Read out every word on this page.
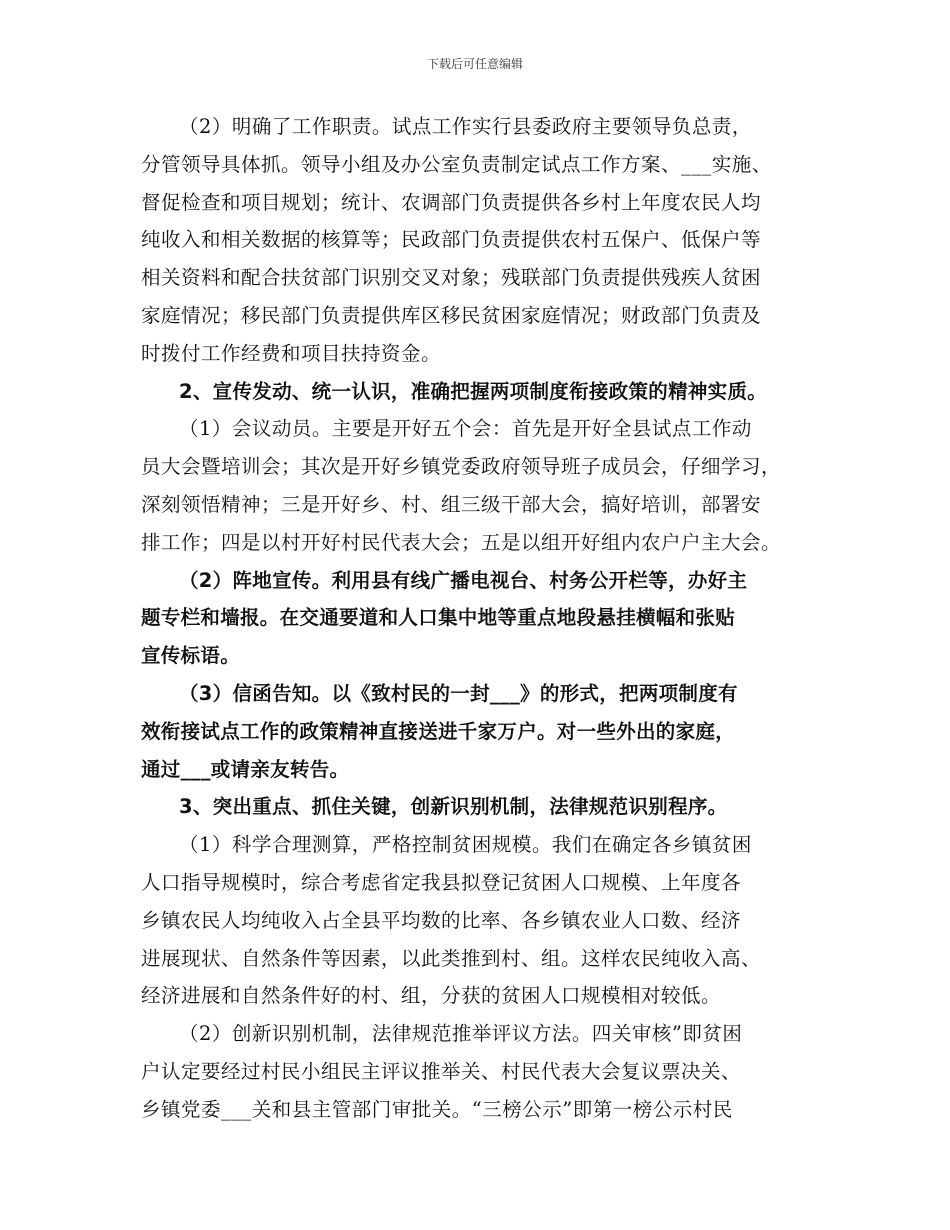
下载后可任意编辑

（2）明确了工作职责。试点工作实行县委政府主要领导负总责，
分管领导具体抓。领导小组及办公室负责制定试点工作方案、___实施、
督促检查和项目规划；统计、农调部门负责提供各乡村上年度农民人均
纯收入和相关数据的核算等；民政部门负责提供农村五保户、低保户等
相关资料和配合扶贫部门识别交叉对象；残联部门负责提供残疾人贫困
家庭情况；移民部门负责提供库区移民贫困家庭情况；财政部门负责及
时拨付工作经费和项目扶持资金。

2、宣传发动、统一认识，准确把握两项制度衔接政策的精神实质。

（1）会议动员。主要是开好五个会：首先是开好全县试点工作动
员大会暨培训会；其次是开好乡镇党委政府领导班子成员会，仔细学习，
深刻领悟精神；三是开好乡、村、组三级干部大会，搞好培训，部署安
排工作；四是以村开好村民代表大会；五是以组开好组内农户户主大会。

（2）阵地宣传。利用县有线广播电视台、村务公开栏等，办好主
题专栏和墙报。在交通要道和人口集中地等重点地段悬挂横幅和张贴
宣传标语。

（3）信函告知。以《致村民的一封___》的形式，把两项制度有
效衔接试点工作的政策精神直接送进千家万户。对一些外出的家庭，
通过___或请亲友转告。

3、突出重点、抓住关键，创新识别机制，法律规范识别程序。

（1）科学合理测算，严格控制贫困规模。我们在确定各乡镇贫困
人口指导规模时，综合考虑省定我县拟登记贫困人口规模、上年度各
乡镇农民人均纯收入占全县平均数的比率、各乡镇农业人口数、经济
进展现状、自然条件等因素，以此类推到村、组。这样农民纯收入高、
经济进展和自然条件好的村、组，分获的贫困人口规模相对较低。

（2）创新识别机制，法律规范推举评议方法。四关审核”即贫困
户认定要经过村民小组民主评议推举关、村民代表大会复议票决关、
乡镇党委___关和县主管部门审批关。“三榜公示”即第一榜公示村民
